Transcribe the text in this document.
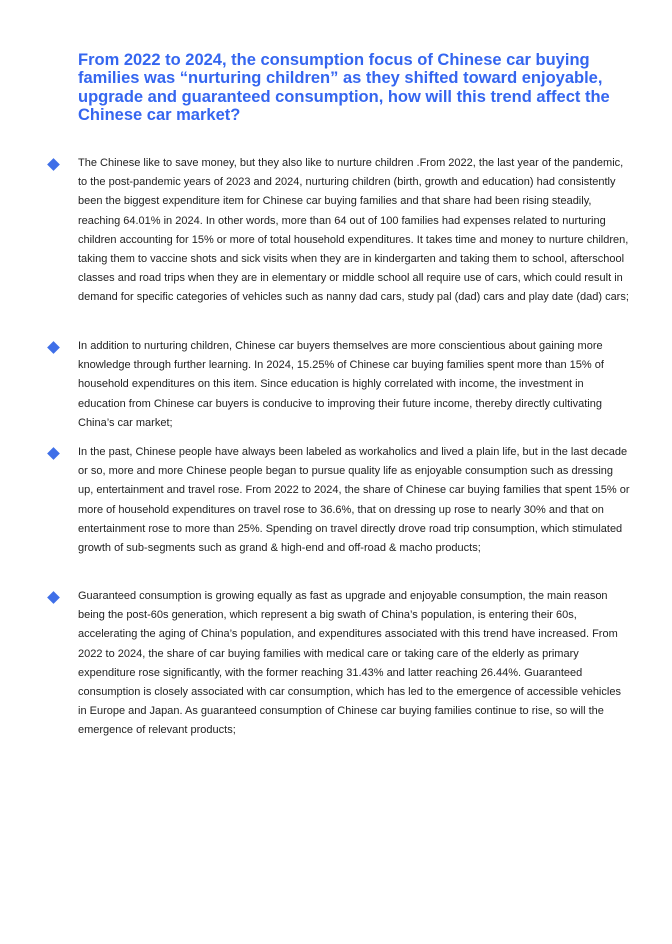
From 2022 to 2024, the consumption focus of Chinese car buying families was “nurturing children” as they shifted toward enjoyable, upgrade and guaranteed consumption, how will this trend affect the Chinese car market?
The Chinese like to save money, but they also like to nurture children .From 2022, the last year of the pandemic, to the post-pandemic years of 2023 and 2024, nurturing children (birth, growth and education) had consistently been the biggest expenditure item for Chinese car buying families and that share had been rising steadily, reaching 64.01% in 2024. In other words, more than 64 out of 100 families had expenses related to nurturing children accounting for 15% or more of total household expenditures. It takes time and money to nurture children, taking them to vaccine shots and sick visits when they are in kindergarten and taking them to school, afterschool classes and road trips when they are in elementary or middle school all require use of cars, which could result in demand for specific categories of vehicles such as nanny dad cars, study pal (dad) cars and play date (dad) cars;
In addition to nurturing children, Chinese car buyers themselves are more conscientious about gaining more knowledge through further learning. In 2024, 15.25% of Chinese car buying families spent more than 15% of household expenditures on this item. Since education is highly correlated with income, the investment in education from Chinese car buyers is conducive to improving their future income, thereby directly cultivating China’s car market;
In the past, Chinese people have always been labeled as workaholics and lived a plain life, but in the last decade or so, more and more Chinese people began to pursue quality life as enjoyable consumption such as dressing up, entertainment and travel rose. From 2022 to 2024, the share of Chinese car buying families that spent 15% or more of household expenditures on travel rose to 36.6%, that on dressing up rose to nearly 30% and that on entertainment rose to more than 25%. Spending on travel directly drove road trip consumption, which stimulated growth of sub-segments such as grand & high-end and off-road & macho products;
Guaranteed consumption is growing equally as fast as upgrade and enjoyable consumption, the main reason being the post-60s generation, which represent a big swath of China’s population, is entering their 60s, accelerating the aging of China’s population, and expenditures associated with this trend have increased. From 2022 to 2024, the share of car buying families with medical care or taking care of the elderly as primary expenditure rose significantly, with the former reaching 31.43% and latter reaching 26.44%. Guaranteed consumption is closely associated with car consumption, which has led to the emergence of accessible vehicles in Europe and Japan. As guaranteed consumption of Chinese car buying families continue to rise, so will the emergence of relevant products;
